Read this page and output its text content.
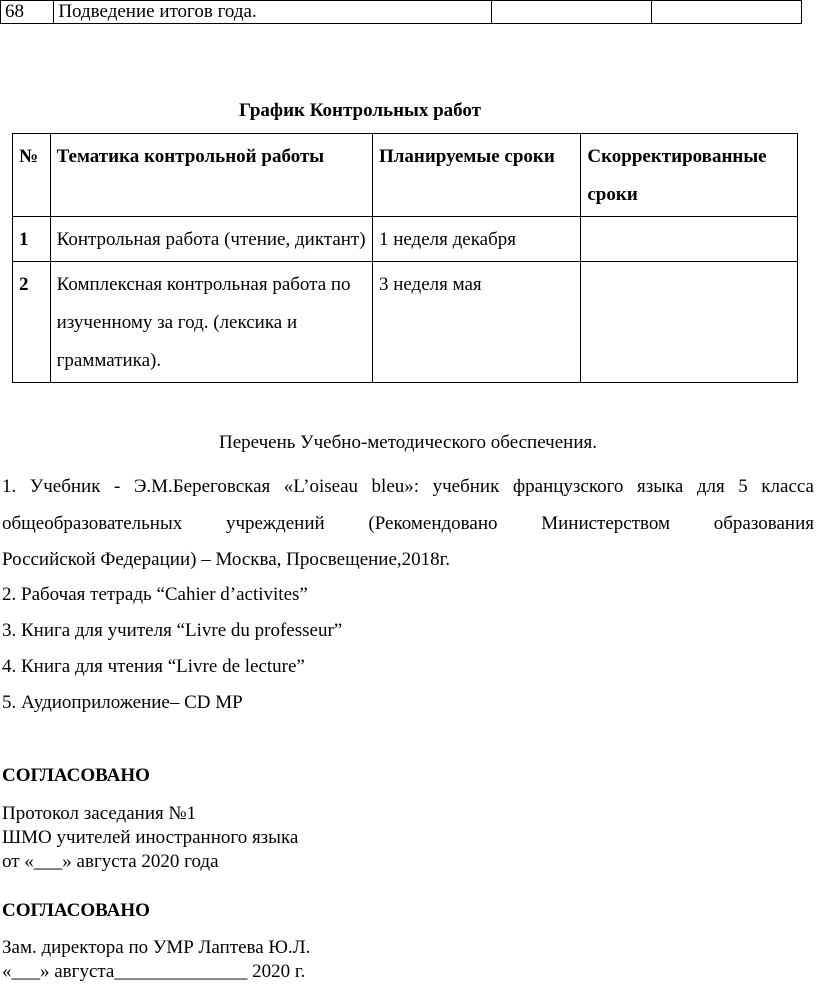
68	Подведение итогов года.		
График Контрольных работ
№	Тематика контрольной работы	Планируемые сроки	Скорректированные сроки
1	Контрольная работа (чтение, диктант)	1 неделя декабря	
2	Комплексная контрольная работа по изученному за год. (лексика и грамматика).	3 неделя мая	
Перечень Учебно-методического обеспечения.
1. Учебник - Э.М.Береговская «L’oiseau bleu»: учебник французского языка для 5 класса
общеобразовательных учреждений (Рекомендовано Министерством образования
Российской Федерации) – Москва, Просвещение,2018г.
2. Рабочая тетрадь “Cahier d’activites”
3. Книга для учителя “Livre du professeur”
4. Книга для чтения “Livre de lecture”
5. Аудиоприложение– CD MP
СОГЛАСОВАНО
Протокол заседания №1
ШМО учителей иностранного языка
от «___» августа 2020 года
СОГЛАСОВАНО
Зам. директора по УМР Лаптева Ю.Л.
«___» августа______________ 2020 г.
